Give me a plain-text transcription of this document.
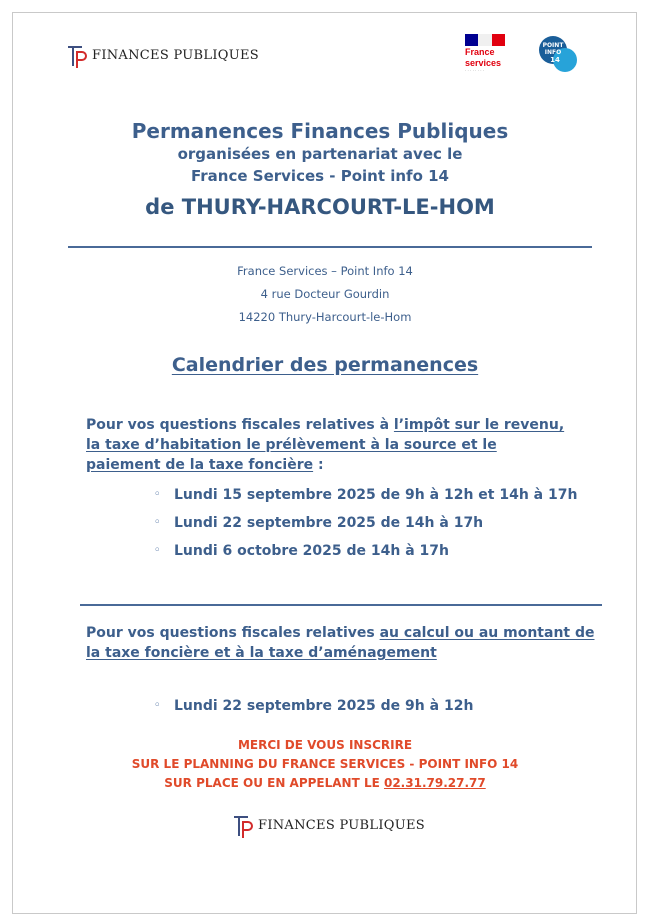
FINANCES PUBLIQUES	France
services
· · · · · · · ·
POINT
INFO
14
Permanences Finances Publiques
organisées en partenariat avec le
France Services - Point info 14
de THURY-HARCOURT-LE-HOM
France Services – Point Info 14
4 rue Docteur Gourdin
14220 Thury-Harcourt-le-Hom
Calendrier des permanences
Pour vos questions fiscales relatives à l’impôt sur le revenu, la taxe d’habitation le prélèvement à la source et le paiement de la taxe foncière :
◦ Lundi 15 septembre 2025 de 9h à 12h et 14h à 17h
◦ Lundi 22 septembre 2025 de 14h à 17h
◦ Lundi 6 octobre 2025 de 14h à 17h
Pour vos questions fiscales relatives au calcul ou au montant de la taxe foncière et à la taxe d’aménagement
◦ Lundi 22 septembre 2025 de 9h à 12h
MERCI DE VOUS INSCRIRE
SUR LE PLANNING DU FRANCE SERVICES - POINT INFO 14
SUR PLACE OU EN APPELANT LE 02.31.79.27.77
FINANCES PUBLIQUES
